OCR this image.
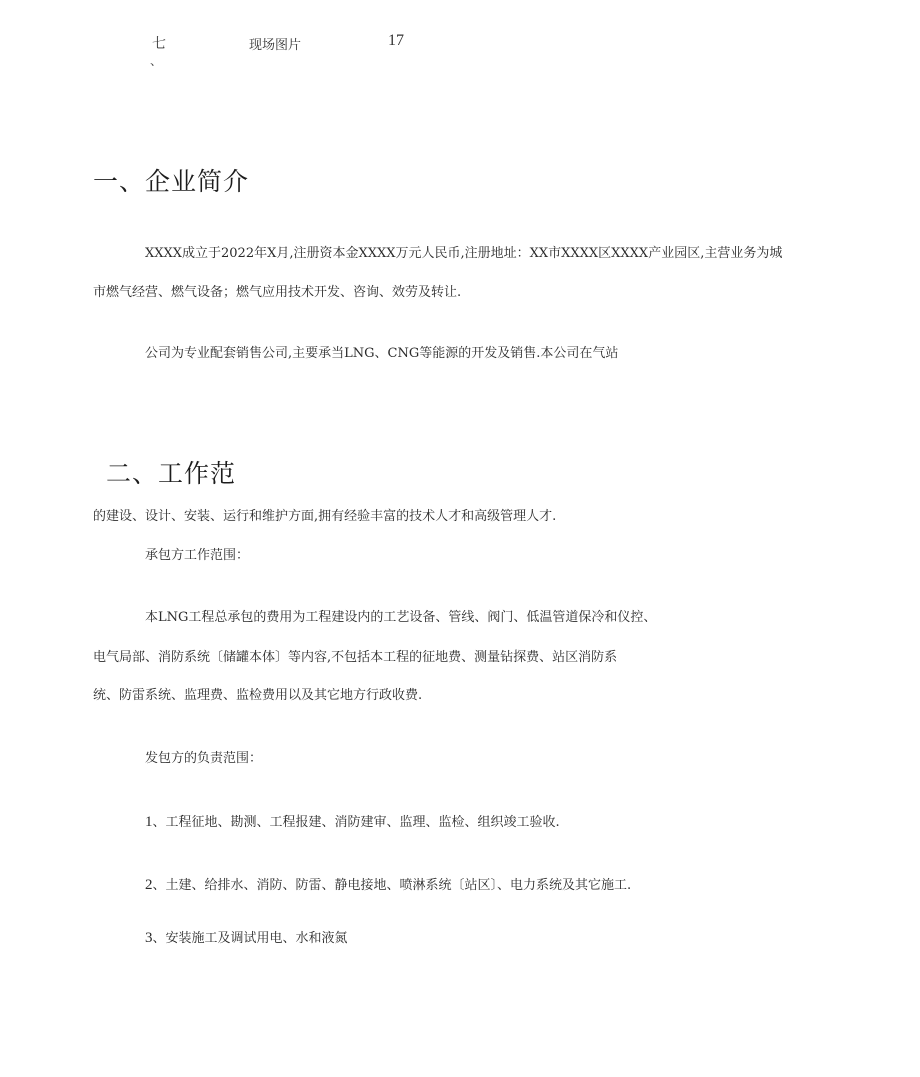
七
、
现场图片	17
一、企业简介
XXXX成立于2022年X月,注册资本金XXXX万元人民币,注册地址：XX市XXXX区XXXX产业园区,主营业务为城
市燃气经营、燃气设备；燃气应用技术开发、咨询、效劳及转让.
公司为专业配套销售公司,主要承当LNG、CNG等能源的开发及销售.本公司在气站
二、工作范
的建设、设计、安装、运行和维护方面,拥有经验丰富的技术人才和高级管理人才.
承包方工作范围：
本LNG工程总承包的费用为工程建设内的工艺设备、管线、阀门、低温管道保冷和仪控、
电气局部、消防系统〔储罐本体〕等内容,不包括本工程的征地费、测量钻探费、站区消防系
统、防雷系统、监理费、监检费用以及其它地方行政收费.
发包方的负责范围：
1、工程征地、勘测、工程报建、消防建审、监理、监检、组织竣工验收.
2、土建、给排水、消防、防雷、静电接地、喷淋系统〔站区〕、电力系统及其它施工.
3、安装施工及调试用电、水和液氮
